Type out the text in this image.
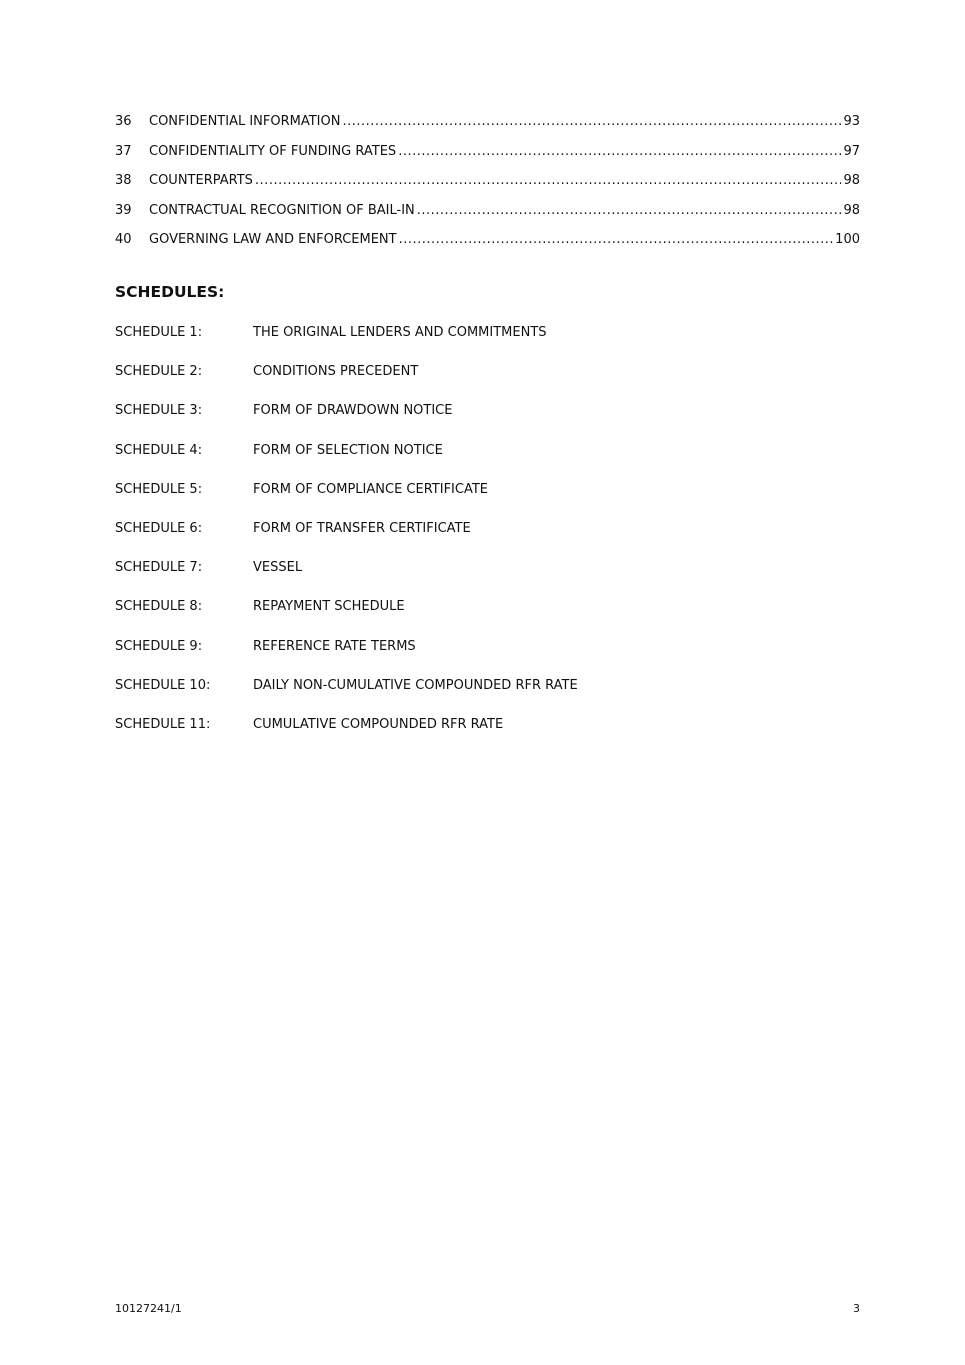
36	CONFIDENTIAL INFORMATION .....	93
37	CONFIDENTIALITY OF FUNDING RATES .....	97
38	COUNTERPARTS .....	98
39	CONTRACTUAL RECOGNITION OF BAIL-IN .....	98
40	GOVERNING LAW AND ENFORCEMENT .....	100
SCHEDULES:
SCHEDULE 1:	THE ORIGINAL LENDERS AND COMMITMENTS
SCHEDULE 2:	CONDITIONS PRECEDENT
SCHEDULE 3:	FORM OF DRAWDOWN NOTICE
SCHEDULE 4:	FORM OF SELECTION NOTICE
SCHEDULE 5:	FORM OF COMPLIANCE CERTIFICATE
SCHEDULE 6:	FORM OF TRANSFER CERTIFICATE
SCHEDULE 7:	VESSEL
SCHEDULE 8:	REPAYMENT SCHEDULE
SCHEDULE 9:	REFERENCE RATE TERMS
SCHEDULE 10:	DAILY NON-CUMULATIVE COMPOUNDED RFR RATE
SCHEDULE 11:	CUMULATIVE COMPOUNDED RFR RATE
10127241/1	3
